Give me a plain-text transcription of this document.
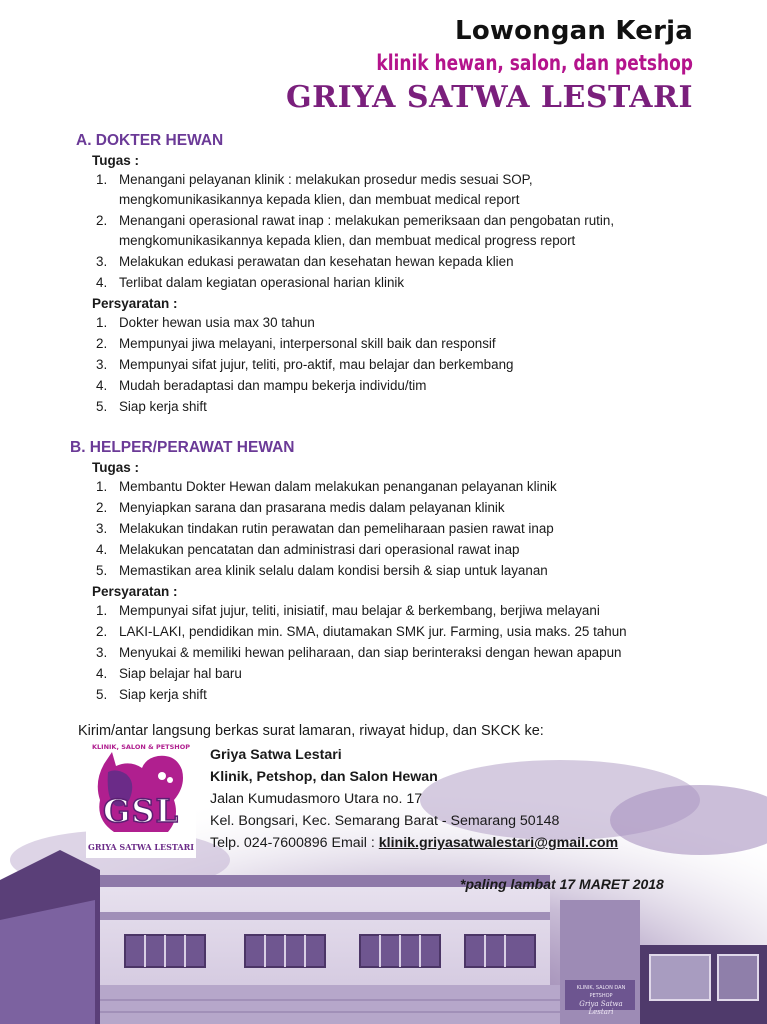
KLINIK, SALON DAN PETSHOP
Griya Satwa Lestari
Lowongan Kerja
klinik hewan, salon, dan petshop
GRIYA SATWA LESTARI
A. DOKTER HEWAN
Tugas :
1. Menangani pelayanan klinik : melakukan prosedur medis sesuai SOP,
mengkomunikasikannya kepada klien, dan membuat medical report
2. Menangani operasional rawat inap : melakukan pemeriksaan dan pengobatan rutin,
mengkomunikasikannya kepada klien, dan membuat medical progress report
3. Melakukan edukasi perawatan dan kesehatan hewan kepada klien
4. Terlibat dalam kegiatan operasional harian klinik
Persyaratan :
1. Dokter hewan usia max 30 tahun
2. Mempunyai jiwa melayani, interpersonal skill baik dan responsif
3. Mempunyai sifat jujur, teliti, pro-aktif, mau belajar dan berkembang
4. Mudah beradaptasi dan mampu bekerja individu/tim
5. Siap kerja shift
B. HELPER/PERAWAT HEWAN
Tugas :
1. Membantu Dokter Hewan dalam melakukan penanganan pelayanan klinik
2. Menyiapkan sarana dan prasarana medis dalam pelayanan klinik
3. Melakukan tindakan rutin perawatan dan pemeliharaan pasien rawat inap
4. Melakukan pencatatan dan administrasi dari operasional rawat inap
5. Memastikan area klinik selalu dalam kondisi bersih & siap untuk layanan
Persyaratan :
1. Mempunyai sifat jujur, teliti, inisiatif, mau belajar & berkembang, berjiwa melayani
2. LAKI-LAKI, pendidikan min. SMA, diutamakan SMK jur. Farming, usia maks. 25 tahun
3. Menyukai & memiliki hewan peliharaan, dan siap berinteraksi dengan hewan apapun
4. Siap belajar hal baru
5. Siap kerja shift
Kirim/antar langsung berkas surat lamaran, riwayat hidup, dan SKCK ke:
Griya Satwa Lestari
Klinik, Petshop, dan Salon Hewan
Jalan Kumudasmoro Utara no. 17
Kel. Bongsari, Kec. Semarang Barat - Semarang 50148
Telp. 024-7600896 Email : klinik.griyasatwalestari@gmail.com
KLINIK, SALON & PETSHOP
GSL
GRIYA SATWA LESTARI
*paling lambat 17 MARET 2018
